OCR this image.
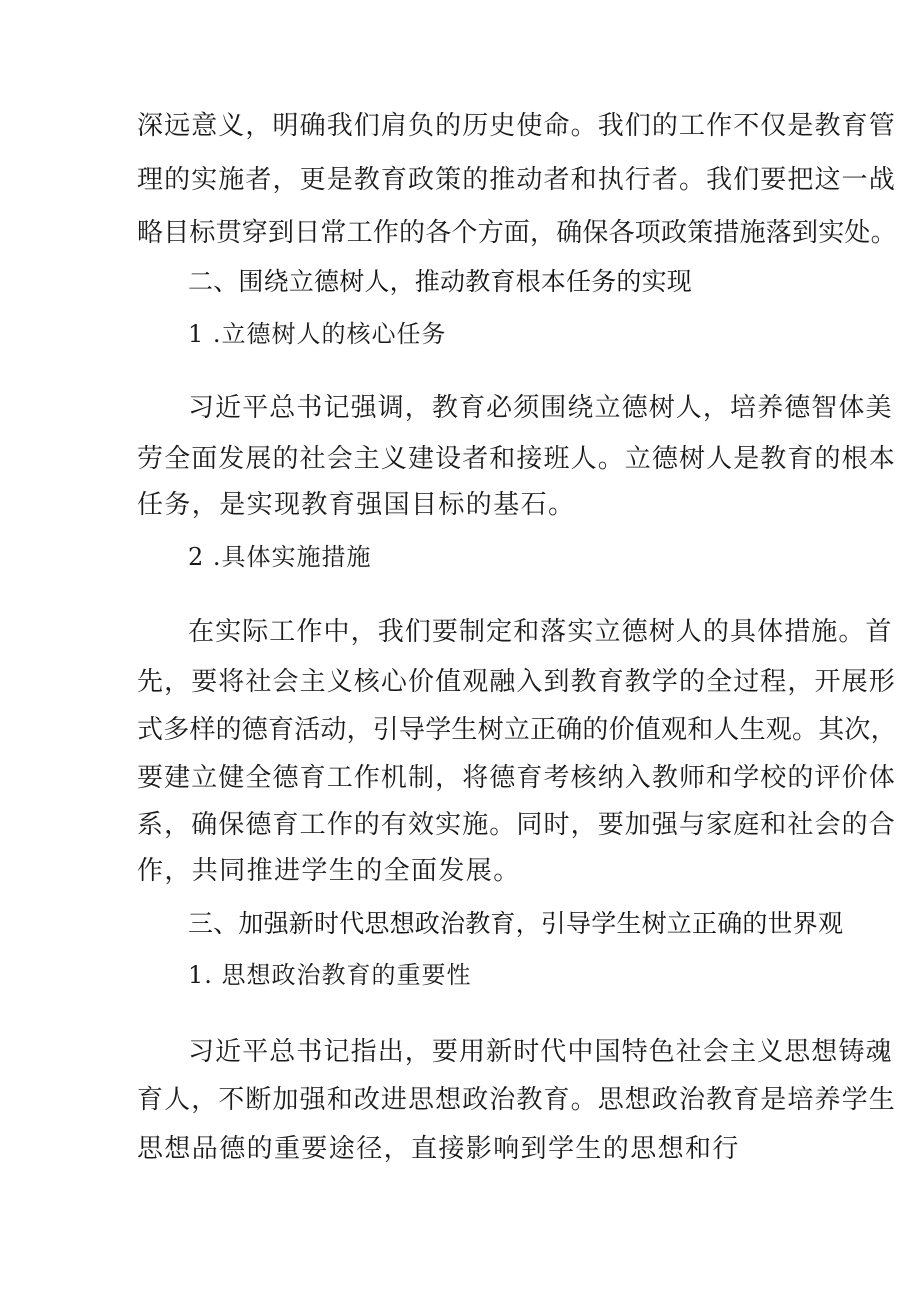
深远意义，明确我们肩负的历史使命。我们的工作不仅是教育管
理的实施者，更是教育政策的推动者和执行者。我们要把这一战
略目标贯穿到日常工作的各个方面，确保各项政策措施落到实处。
二、围绕立德树人，推动教育根本任务的实现
1 .立德树人的核心任务
习近平总书记强调，教育必须围绕立德树人，培养德智体美
劳全面发展的社会主义建设者和接班人。立德树人是教育的根本
任务，是实现教育强国目标的基石。
2 .具体实施措施
在实际工作中，我们要制定和落实立德树人的具体措施。首
先，要将社会主义核心价值观融入到教育教学的全过程，开展形
式多样的德育活动，引导学生树立正确的价值观和人生观。其次，
要建立健全德育工作机制，将德育考核纳入教师和学校的评价体
系，确保德育工作的有效实施。同时，要加强与家庭和社会的合
作，共同推进学生的全面发展。
三、加强新时代思想政治教育，引导学生树立正确的世界观
1. 思想政治教育的重要性
习近平总书记指出，要用新时代中国特色社会主义思想铸魂
育人，不断加强和改进思想政治教育。思想政治教育是培养学生
思想品德的重要途径，直接影响到学生的思想和行
